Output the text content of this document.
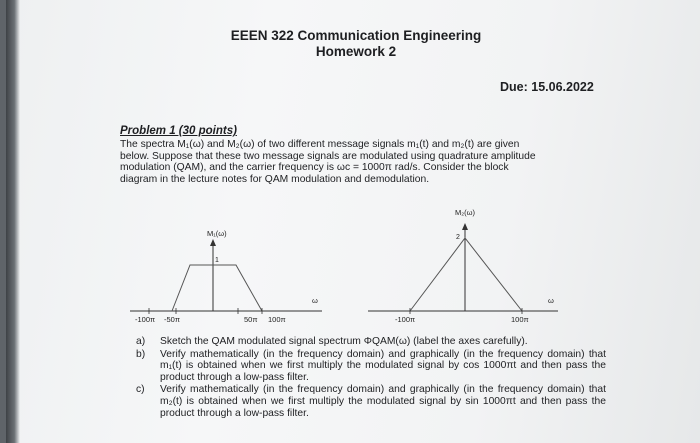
EEEN 322 Communication Engineering
Homework 2
Due: 15.06.2022
Problem 1 (30 points)

The spectra M₁(ω) and M₂(ω) of two different message signals m₁(t) and m₂(t) are given

below. Suppose that these two message signals are modulated using quadrature amplitude

modulation (QAM), and the carrier frequency is ωc = 1000π rad/s. Consider the block

diagram in the lecture notes for QAM modulation and demodulation.

M₁(ω)
1
ω
-100π -50π	50π 100π
M₂(ω)
2
ω
-100π	100π
a) Sketch the QAM modulated signal spectrum ΦQAM(ω) (label the axes carefully).
b) Verify mathematically (in the frequency domain) and graphically (in the frequency domain) that m₁(t) is obtained when we first multiply the modulated signal by cos 1000πt and then pass the product through a low-pass filter.
c) Verify mathematically (in the frequency domain) and graphically (in the frequency domain) that m₂(t) is obtained when we first multiply the modulated signal by sin 1000πt and then pass the product through a low-pass filter.
